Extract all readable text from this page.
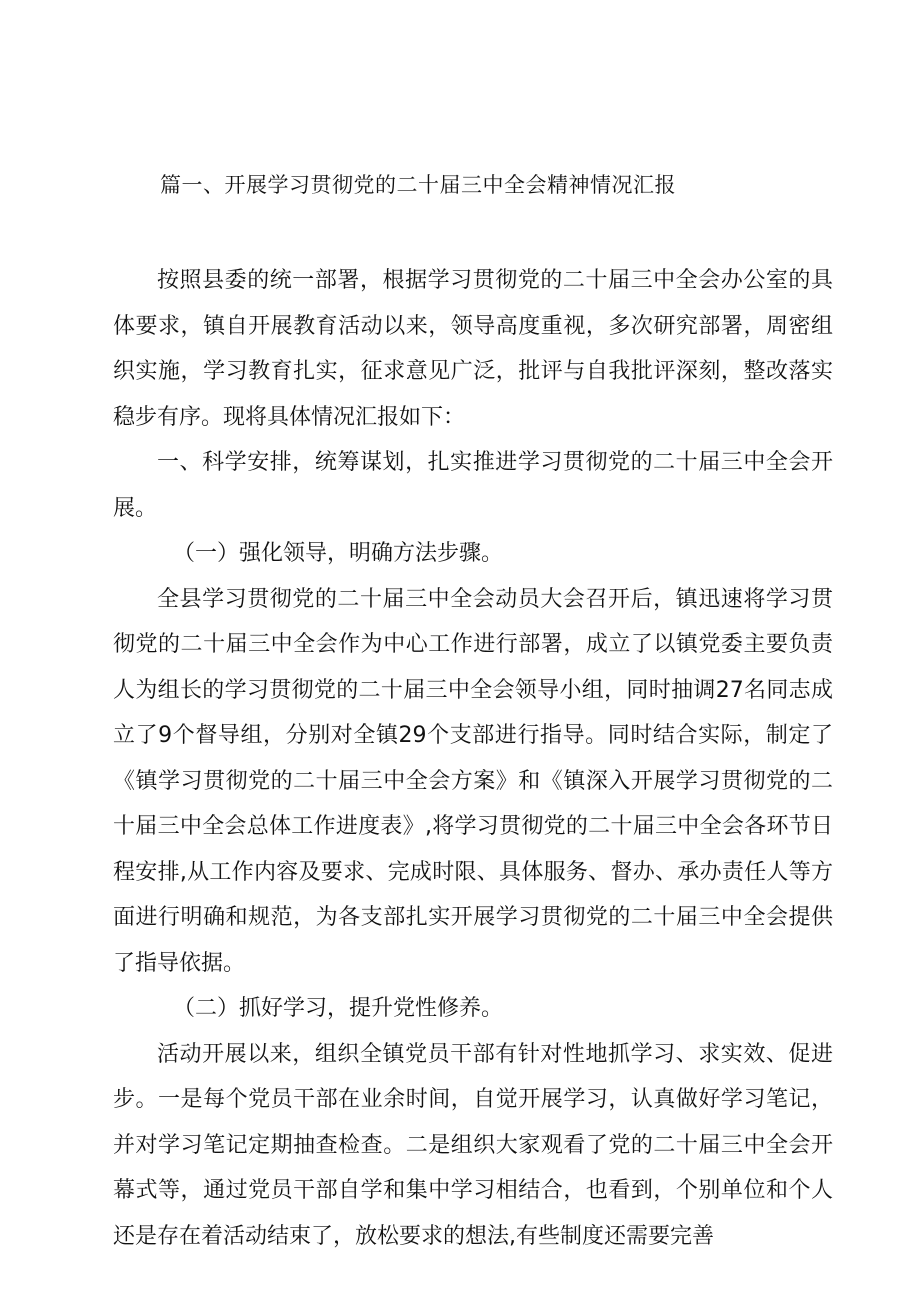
篇一、开展学习贯彻党的二十届三中全会精神情况汇报

按照县委的统一部署，根据学习贯彻党的二十届三中全会办公室的具体要求，镇自开展教育活动以来，领导高度重视，多次研究部署，周密组织实施，学习教育扎实，征求意见广泛，批评与自我批评深刻，整改落实稳步有序。现将具体情况汇报如下：

一、科学安排，统筹谋划，扎实推进学习贯彻党的二十届三中全会开展。

（一）强化领导，明确方法步骤。

全县学习贯彻党的二十届三中全会动员大会召开后，镇迅速将学习贯彻党的二十届三中全会作为中心工作进行部署，成立了以镇党委主要负责人为组长的学习贯彻党的二十届三中全会领导小组，同时抽调27名同志成立了9个督导组，分别对全镇29个支部进行指导。同时结合实际，制定了《镇学习贯彻党的二十届三中全会方案》和《镇深入开展学习贯彻党的二十届三中全会总体工作进度表》,将学习贯彻党的二十届三中全会各环节日程安排,从工作内容及要求、完成时限、具体服务、督办、承办责任人等方面进行明确和规范，为各支部扎实开展学习贯彻党的二十届三中全会提供了指导依据。

（二）抓好学习，提升党性修养。

活动开展以来，组织全镇党员干部有针对性地抓学习、求实效、促进步。一是每个党员干部在业余时间，自觉开展学习，认真做好学习笔记，并对学习笔记定期抽查检查。二是组织大家观看了党的二十届三中全会开幕式等，通过党员干部自学和集中学习相结合，也看到，个别单位和个人还是存在着活动结束了，放松要求的想法,有些制度还需要完善
